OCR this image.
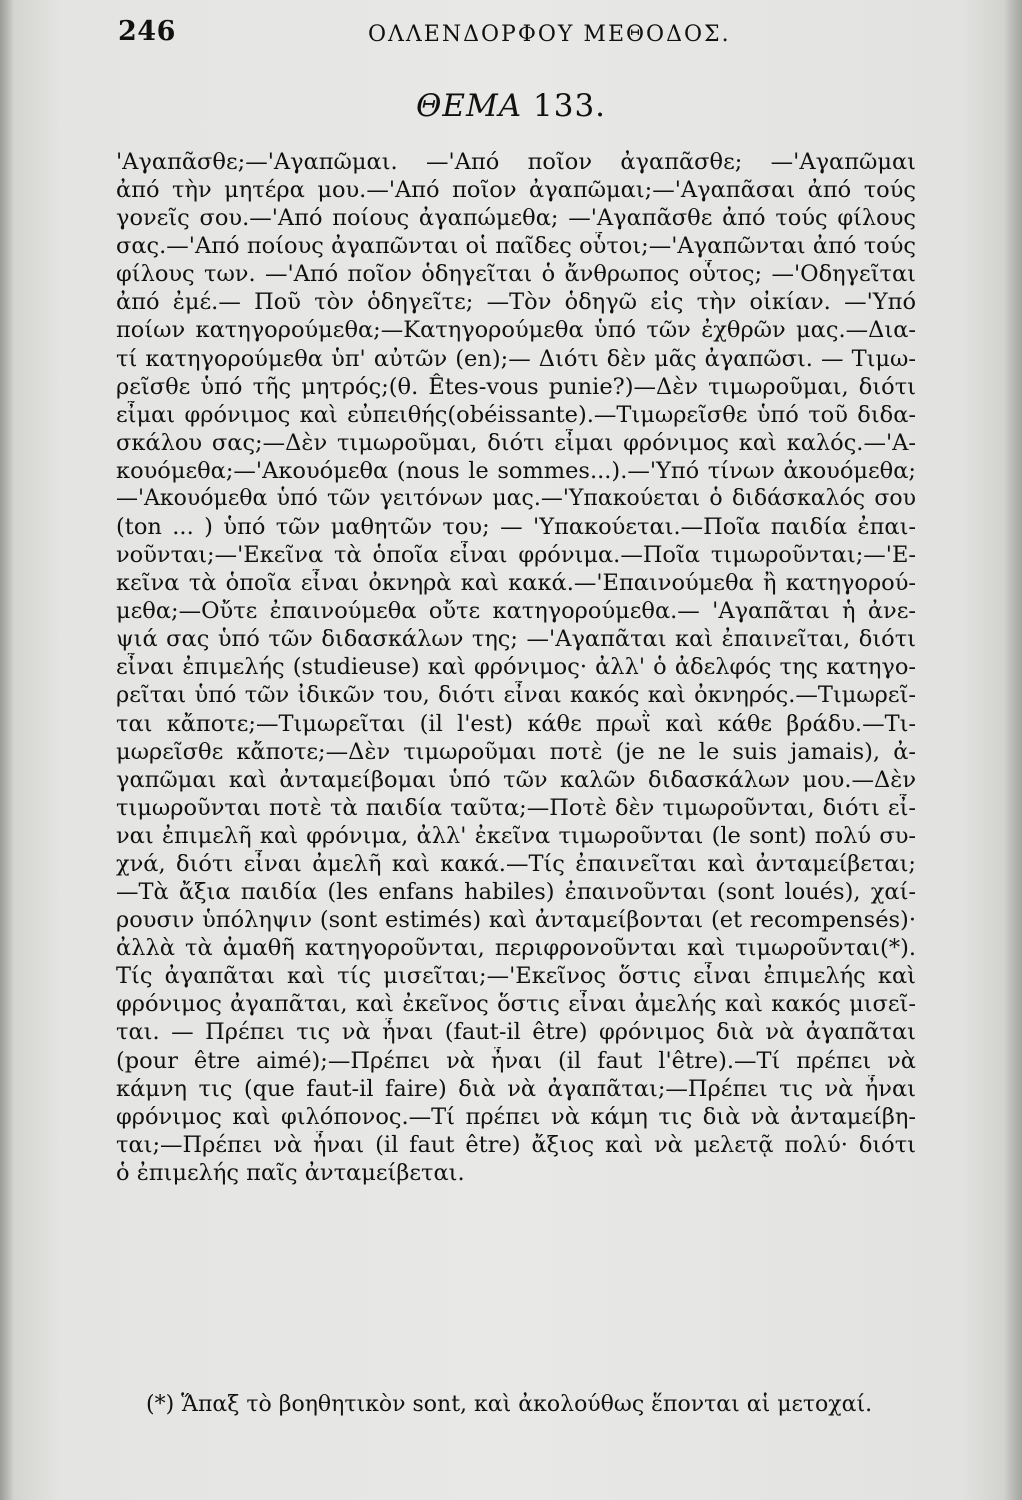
246	ΟΛΛΕΝΔΟΡΦΟΥ ΜΕΘΟΔΟΣ.
ΘΕΜΑ 133.
'Αγαπᾶσθε;—'Αγαπῶμαι. —'Από ποῖον ἀγαπᾶσθε; —'Αγαπῶμαι
ἀπό τὴν μητέρα μου.—'Από ποῖον ἀγαπῶμαι;—'Αγαπᾶσαι ἀπό τούς
γονεῖς σου.—'Από ποίους ἀγαπώμεθα; —'Αγαπᾶσθε ἀπό τούς φίλους
σας.—'Από ποίους ἀγαπῶνται οἱ παῖδες οὗτοι;—'Αγαπῶνται ἀπό τούς
φίλους των. —'Από ποῖον ὁδηγεῖται ὁ ἄνθρωπος οὗτος; —'Οδηγεῖται
ἀπό ἐμέ.— Ποῦ τὸν ὁδηγεῖτε; —Τὸν ὁδηγῶ εἰς τὴν οἰκίαν. —'Υπό
ποίων κατηγορούμεθα;—Κατηγορούμεθα ὑπό τῶν ἐχθρῶν μας.—Δια-
τί κατηγορούμεθα ὑπ' αὐτῶν (en);— Διότι δὲν μᾶς ἀγαπῶσι. — Τιμω-
ρεῖσθε ὑπό τῆς μητρός;(θ. Êtes-vous punie?)—Δὲν τιμωροῦμαι, διότι
εἶμαι φρόνιμος καὶ εὐπειθής(obéissante).—Τιμωρεῖσθε ὑπό τοῦ διδα-
σκάλου σας;—Δὲν τιμωροῦμαι, διότι εἶμαι φρόνιμος καὶ καλός.—'Α-
κουόμεθα;—'Ακουόμεθα (nous le sommes...).—'Υπό τίνων ἀκουόμεθα;
—'Ακουόμεθα ὑπό τῶν γειτόνων μας.—'Υπακούεται ὁ διδάσκαλός σου
(ton ... ) ὑπό τῶν μαθητῶν του; — 'Υπακούεται.—Ποῖα παιδία ἐπαι-
νοῦνται;—'Εκεῖνα τὰ ὁποῖα εἶναι φρόνιμα.—Ποῖα τιμωροῦνται;—'Ε-
κεῖνα τὰ ὁποῖα εἶναι ὀκνηρὰ καὶ κακά.—'Επαινούμεθα ἢ κατηγορού-
μεθα;—Οὔτε ἐπαινούμεθα οὔτε κατηγορούμεθα.— 'Αγαπᾶται ἡ ἀνε-
ψιά σας ὑπό τῶν διδασκάλων της; —'Αγαπᾶται καὶ ἐπαινεῖται, διότι
εἶναι ἐπιμελής (studieuse) καὶ φρόνιμος· ἀλλ' ὁ ἀδελφός της κατηγο-
ρεῖται ὑπό τῶν ἰδικῶν του, διότι εἶναι κακός καὶ ὀκνηρός.—Τιμωρεῖ-
ται κἄποτε;—Τιμωρεῖται (il l'est) κάθε πρωῒ καὶ κάθε βράδυ.—Τι-
μωρεῖσθε κἄποτε;—Δὲν τιμωροῦμαι ποτὲ (je ne le suis jamais), ἀ-
γαπῶμαι καὶ ἀνταμείβομαι ὑπό τῶν καλῶν διδασκάλων μου.—Δὲν
τιμωροῦνται ποτὲ τὰ παιδία ταῦτα;—Ποτὲ δὲν τιμωροῦνται, διότι εἶ-
ναι ἐπιμελῆ καὶ φρόνιμα, ἀλλ' ἐκεῖνα τιμωροῦνται (le sont) πολύ συ-
χνά, διότι εἶναι ἀμελῆ καὶ κακά.—Τίς ἐπαινεῖται καὶ ἀνταμείβεται;
—Τὰ ἄξια παιδία (les enfans habiles) ἐπαινοῦνται (sont loués), χαί-
ρουσιν ὑπόληψιν (sont estimés) καὶ ἀνταμείβονται (et recompensés)·
ἀλλὰ τὰ ἀμαθῆ κατηγοροῦνται, περιφρονοῦνται καὶ τιμωροῦνται(*).
Τίς ἀγαπᾶται καὶ τίς μισεῖται;—'Εκεῖνος ὅστις εἶναι ἐπιμελής καὶ
φρόνιμος ἀγαπᾶται, καὶ ἐκεῖνος ὅστις εἶναι ἀμελής καὶ κακός μισεῖ-
ται. — Πρέπει τις νὰ ἦναι (faut-il être) φρόνιμος διὰ νὰ ἀγαπᾶται
(pour être aimé);—Πρέπει νὰ ἦναι (il faut l'être).—Τί πρέπει νὰ
κάμνη τις (que faut-il faire) διὰ νὰ ἀγαπᾶται;—Πρέπει τις νὰ ἦναι
φρόνιμος καὶ φιλόπονος.—Τί πρέπει νὰ κάμη τις διὰ νὰ ἀνταμείβη-
ται;—Πρέπει νὰ ἦναι (il faut être) ἄξιος καὶ νὰ μελετᾷ πολύ· διότι
ὁ ἐπιμελής παῖς ἀνταμείβεται.
(*) Ἅπαξ τὸ βοηθητικὸν sont, καὶ ἀκολούθως ἕπονται αἱ μετοχαί.
